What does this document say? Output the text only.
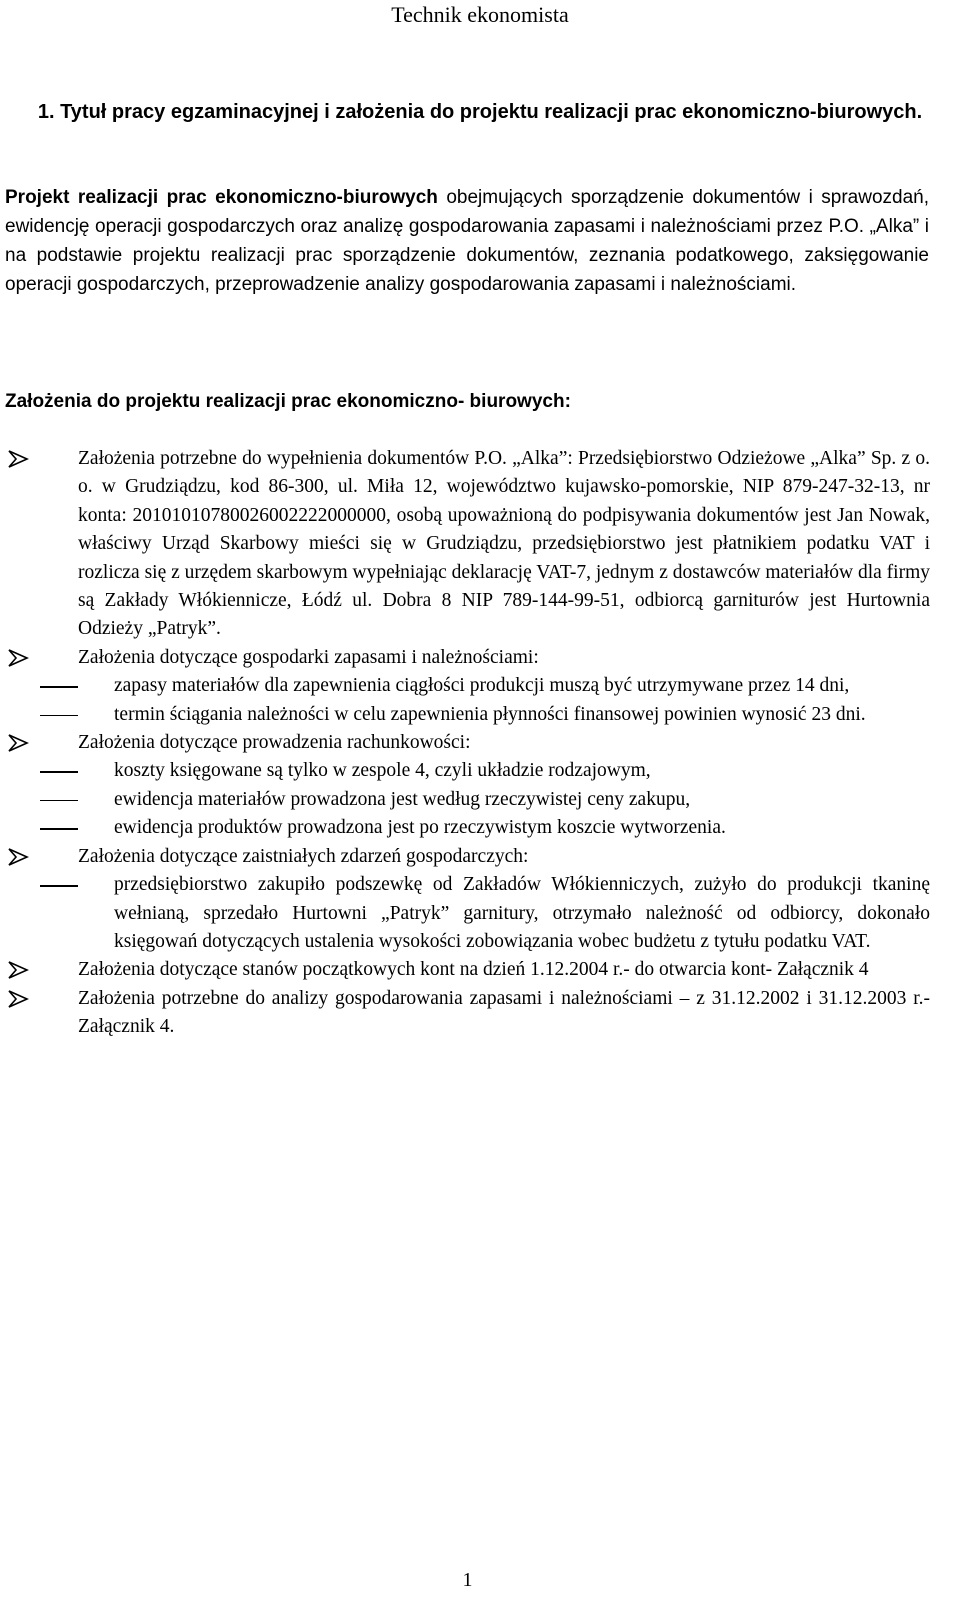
Technik ekonomista
1. Tytuł pracy egzaminacyjnej i założenia do projektu realizacji prac ekonomiczno-biurowych.

Projekt realizacji prac ekonomiczno-biurowych obejmujących sporządzenie dokumentów i sprawozdań, ewidencję operacji gospodarczych oraz analizę gospodarowania zapasami i należnościami przez P.O. „Alka” i na podstawie projektu realizacji prac sporządzenie dokumentów, zeznania podatkowego, zaksięgowanie operacji gospodarczych, przeprowadzenie analizy gospodarowania zapasami i należnościami.

Założenia do projektu realizacji prac ekonomiczno- biurowych:
Założenia potrzebne do wypełnienia dokumentów P.O. „Alka”: Przedsiębiorstwo Odzieżowe „Alka” Sp. z o. o. w Grudziądzu, kod 86-300, ul. Miła 12, województwo kujawsko-pomorskie, NIP 879-247-32-13, nr konta: 20101010780026002222000000, osobą upoważnioną do podpisywania dokumentów jest Jan Nowak, właściwy Urząd Skarbowy mieści się w Grudziądzu, przedsiębiorstwo jest płatnikiem podatku VAT i rozlicza się z urzędem skarbowym wypełniając deklarację VAT-7, jednym z dostawców materiałów dla firmy są Zakłady Włókiennicze, Łódź ul. Dobra 8 NIP 789-144-99-51, odbiorcą garniturów jest Hurtownia Odzieży „Patryk”.
Założenia dotyczące gospodarki zapasami i należnościami:
zapasy materiałów dla zapewnienia ciągłości produkcji muszą być utrzymywane przez 14 dni,
termin ściągania należności w celu zapewnienia płynności finansowej powinien wynosić 23 dni.
Założenia dotyczące prowadzenia rachunkowości:
koszty księgowane są tylko w zespole 4, czyli układzie rodzajowym,
ewidencja materiałów prowadzona jest według rzeczywistej ceny zakupu,
ewidencja produktów prowadzona jest po rzeczywistym koszcie wytworzenia.
Założenia dotyczące zaistniałych zdarzeń gospodarczych:
przedsiębiorstwo zakupiło podszewkę od Zakładów Włókienniczych, zużyło do produkcji tkaninę wełnianą, sprzedało Hurtowni „Patryk” garnitury, otrzymało należność od odbiorcy, dokonało księgowań dotyczących ustalenia wysokości zobowiązania wobec budżetu z tytułu podatku VAT.
Założenia dotyczące stanów początkowych kont na dzień 1.12.2004 r.- do otwarcia kont- Załącznik 4
Założenia potrzebne do analizy gospodarowania zapasami i należnościami – z 31.12.2002 i 31.12.2003 r.- Załącznik 4.
1
